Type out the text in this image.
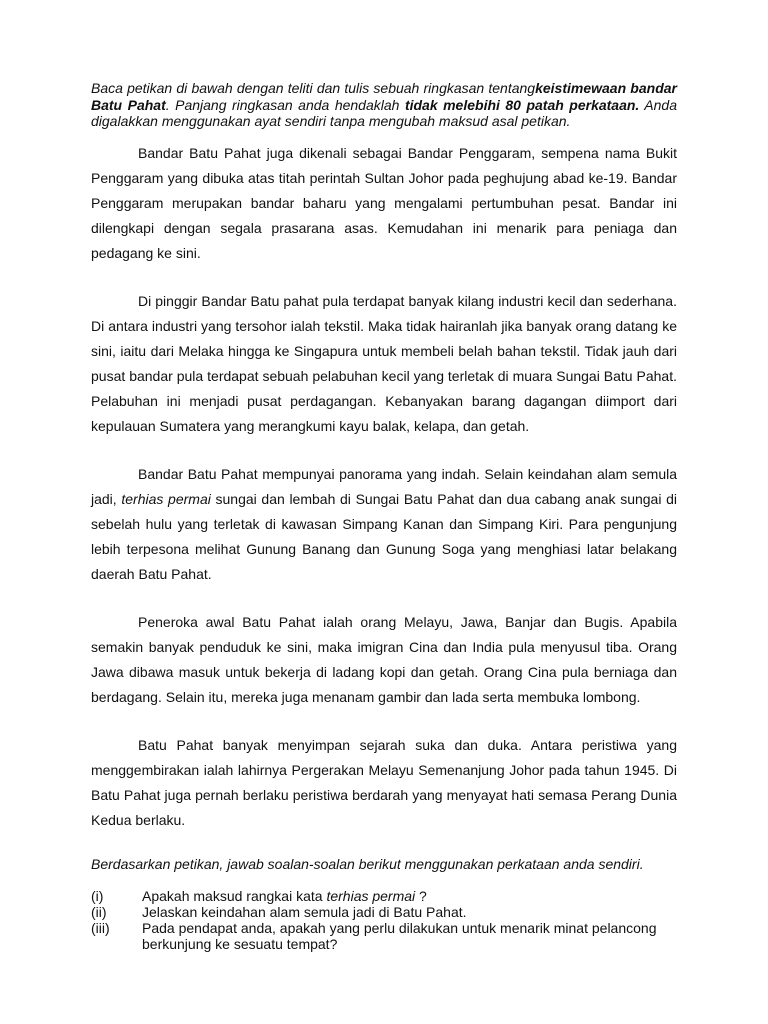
Baca petikan di bawah dengan teliti dan tulis sebuah ringkasan tentangkeistimewaan bandar Batu Pahat. Panjang ringkasan anda hendaklah tidak melebihi 80 patah perkataan. Anda digalakkan menggunakan ayat sendiri tanpa mengubah maksud asal petikan.

Bandar Batu Pahat juga dikenali sebagai Bandar Penggaram, sempena nama Bukit Penggaram yang dibuka atas titah perintah Sultan Johor pada peghujung abad ke-19. Bandar Penggaram merupakan bandar baharu yang mengalami pertumbuhan pesat. Bandar ini dilengkapi dengan segala prasarana asas. Kemudahan ini menarik para peniaga dan pedagang ke sini.

Di pinggir Bandar Batu pahat pula terdapat banyak kilang industri kecil dan sederhana. Di antara industri yang tersohor ialah tekstil. Maka tidak hairanlah jika banyak orang datang ke sini, iaitu dari Melaka hingga ke Singapura untuk membeli belah bahan tekstil. Tidak jauh dari pusat bandar pula terdapat sebuah pelabuhan kecil yang terletak di muara Sungai Batu Pahat. Pelabuhan ini menjadi pusat perdagangan. Kebanyakan barang dagangan diimport dari kepulauan Sumatera yang merangkumi kayu balak, kelapa, dan getah.

Bandar Batu Pahat mempunyai panorama yang indah. Selain keindahan alam semula jadi, terhias permai sungai dan lembah di Sungai Batu Pahat dan dua cabang anak sungai di sebelah hulu yang terletak di kawasan Simpang Kanan dan Simpang Kiri. Para pengunjung lebih terpesona melihat Gunung Banang dan Gunung Soga yang menghiasi latar belakang daerah Batu Pahat.

Peneroka awal Batu Pahat ialah orang Melayu, Jawa, Banjar dan Bugis. Apabila semakin banyak penduduk ke sini, maka imigran Cina dan India pula menyusul tiba. Orang Jawa dibawa masuk untuk bekerja di ladang kopi dan getah. Orang Cina pula berniaga dan berdagang. Selain itu, mereka juga menanam gambir dan lada serta membuka lombong.

Batu Pahat banyak menyimpan sejarah suka dan duka. Antara peristiwa yang menggembirakan ialah lahirnya Pergerakan Melayu Semenanjung Johor pada tahun 1945. Di Batu Pahat juga pernah berlaku peristiwa berdarah yang menyayat hati semasa Perang Dunia Kedua berlaku.

Berdasarkan petikan, jawab soalan-soalan berikut menggunakan perkataan anda sendiri.

(i)	Apakah maksud rangkai kata terhias permai ?
(ii)	Jelaskan keindahan alam semula jadi di Batu Pahat.
(iii)	Pada pendapat anda, apakah yang perlu dilakukan untuk menarik minat pelancong berkunjung ke sesuatu tempat?
